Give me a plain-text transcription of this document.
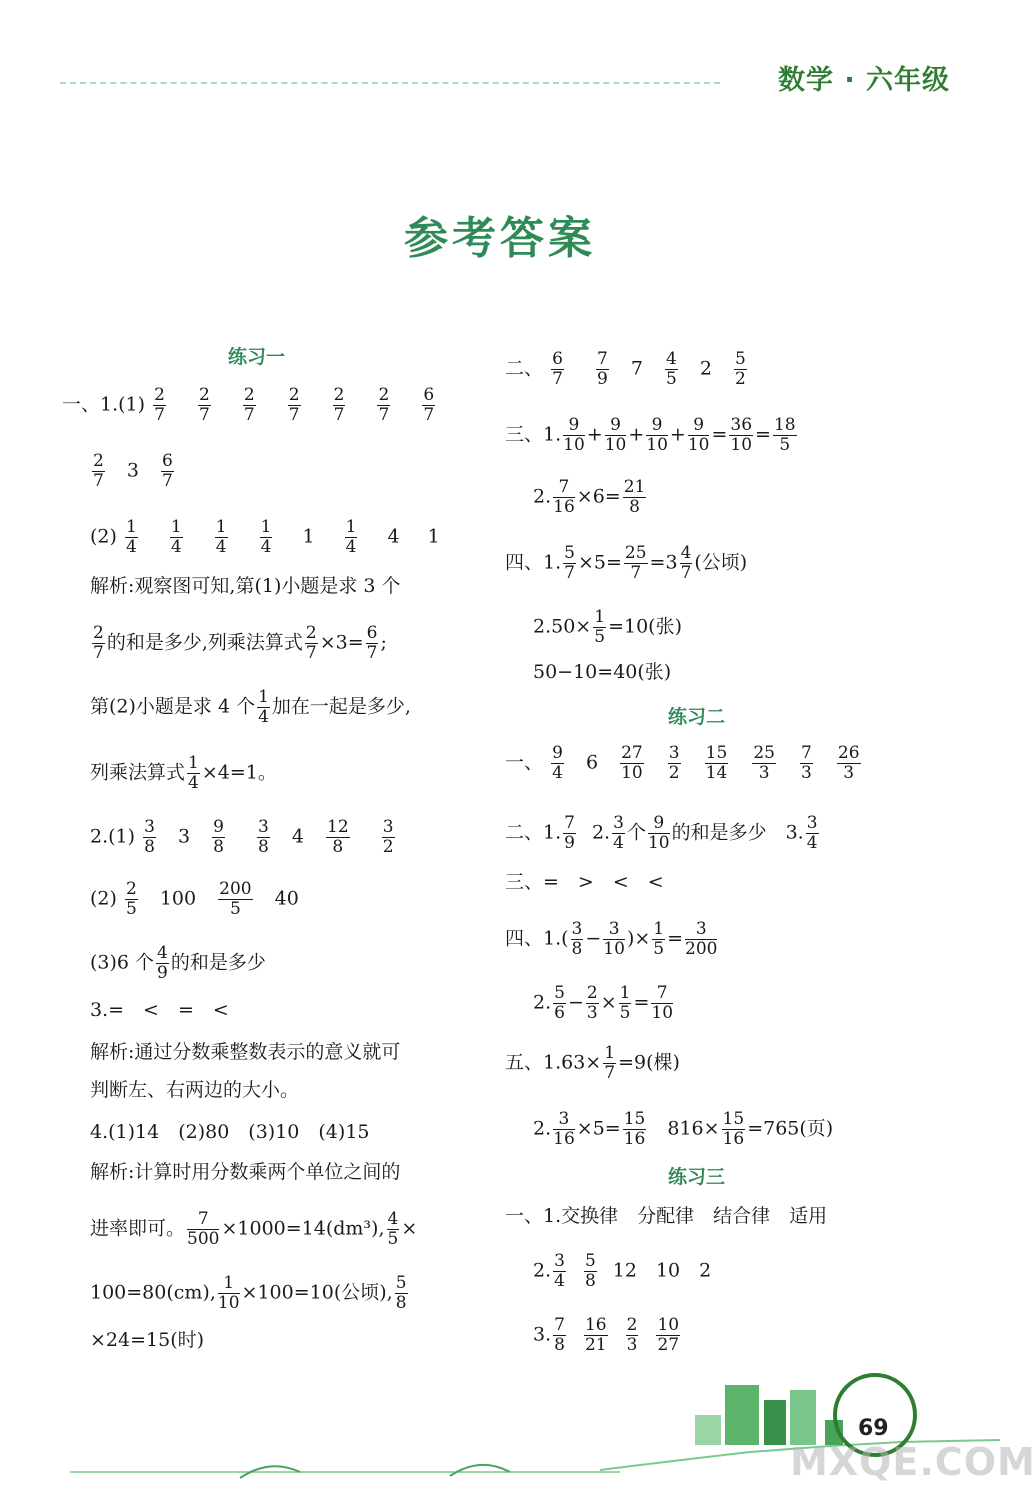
数学 · 六年级
参考答案
练习一
一、$1.(1) \frac{2}{7}$
$\frac{2}{7}$
$\frac{2}{7}$
$\frac{2}{7}$
$\frac{2}{7}$
$\frac{2}{7}$
$\frac{6}{7}$
$\frac{2}{7} 3 \frac{6}{7}$
$(2) \frac{1}{4}$
$\frac{1}{4}$
$\frac{1}{4}$
$\frac{1}{4} 1 \frac{1}{4} 4$ 1
解析:观察图可知,第(1)小题是求 3 个
$\frac{2}{7}$ 的和是多少,列乘法算式 $\frac{2}{7} \times 3= \frac{6}{7}$ ;
第(2)小题是求 4 个 $\frac{1}{4}$ 加在一起是多少,
列乘法算式 $\frac{1}{4} \times 4=1$。
$2.(1) \frac{3}{8} 3 \frac{9}{8}$
$\frac{3}{8} 4 \frac{12}{8}$
$\frac{3}{2}$
$(2) \frac{2}{5} 100 \frac{200}{5} 40$
(3)6 个 $\frac{4}{9}$ 的和是多少
3.=　<　=　<
解析:通过分数乘整数表示的意义就可
判断左、右两边的大小。
4.(1)14　(2)80　(3)10　(4)15
解析:计算时用分数乘两个单位之间的
进率即可。 $\frac{7}{500} \times 1000=14(dm^3)$, $\frac{4}{5}$ ×
100=80(cm), $\frac{1}{10} \times 100=10$(公顷), $\frac{5}{8}$
×24=15(时)
二、 $\frac{6}{7}$
$\frac{7}{9} 7 \frac{4}{5} 2 \frac{5}{2}$
三、1. $\frac{9}{10} + \frac{9}{10} + \frac{9}{10} + \frac{9}{10} = \frac{36}{10} = \frac{18}{5}$
2. $\frac{7}{16} \times 6= \frac{21}{8}$
四、1. $\frac{5}{7} \times 5= \frac{25}{7} =3 \frac{4}{7}$ (公顷)
$2.50\times \frac{1}{5} =10$(张)
50−10=40(张)
练习二
一、 $\frac{9}{4} 6 \frac{27}{10}$
$\frac{3}{2}$
$\frac{15}{14}$
$\frac{25}{3}$
$\frac{7}{3}$
$\frac{26}{3}$
二、1. $\frac{7}{9} 2$. $\frac{3}{4}$ 个 $\frac{9}{10}$ 的和是多少　3. $\frac{3}{4}$
三、=　>　<　<
四、$1.( \frac{3}{8} - \frac{3}{10}$ )× $\frac{1}{5} = \frac{3}{200}$
2. $\frac{5}{6} - \frac{2}{3} \times \frac{1}{5} = \frac{7}{10}$
五、$1.63\times \frac{1}{7} =9$(棵)
2. $\frac{3}{16} \times 5= \frac{15}{16}$ 　$816\times \frac{15}{16} =765$(页)
练习三
一、1.交换律　分配律　结合律　适用
2. $\frac{3}{4} \frac{5}{8} 12$　10　2
3. $\frac{7}{8} \frac{16}{21} \frac{2}{3} \frac{10}{27}$
69
MXQE.COM
